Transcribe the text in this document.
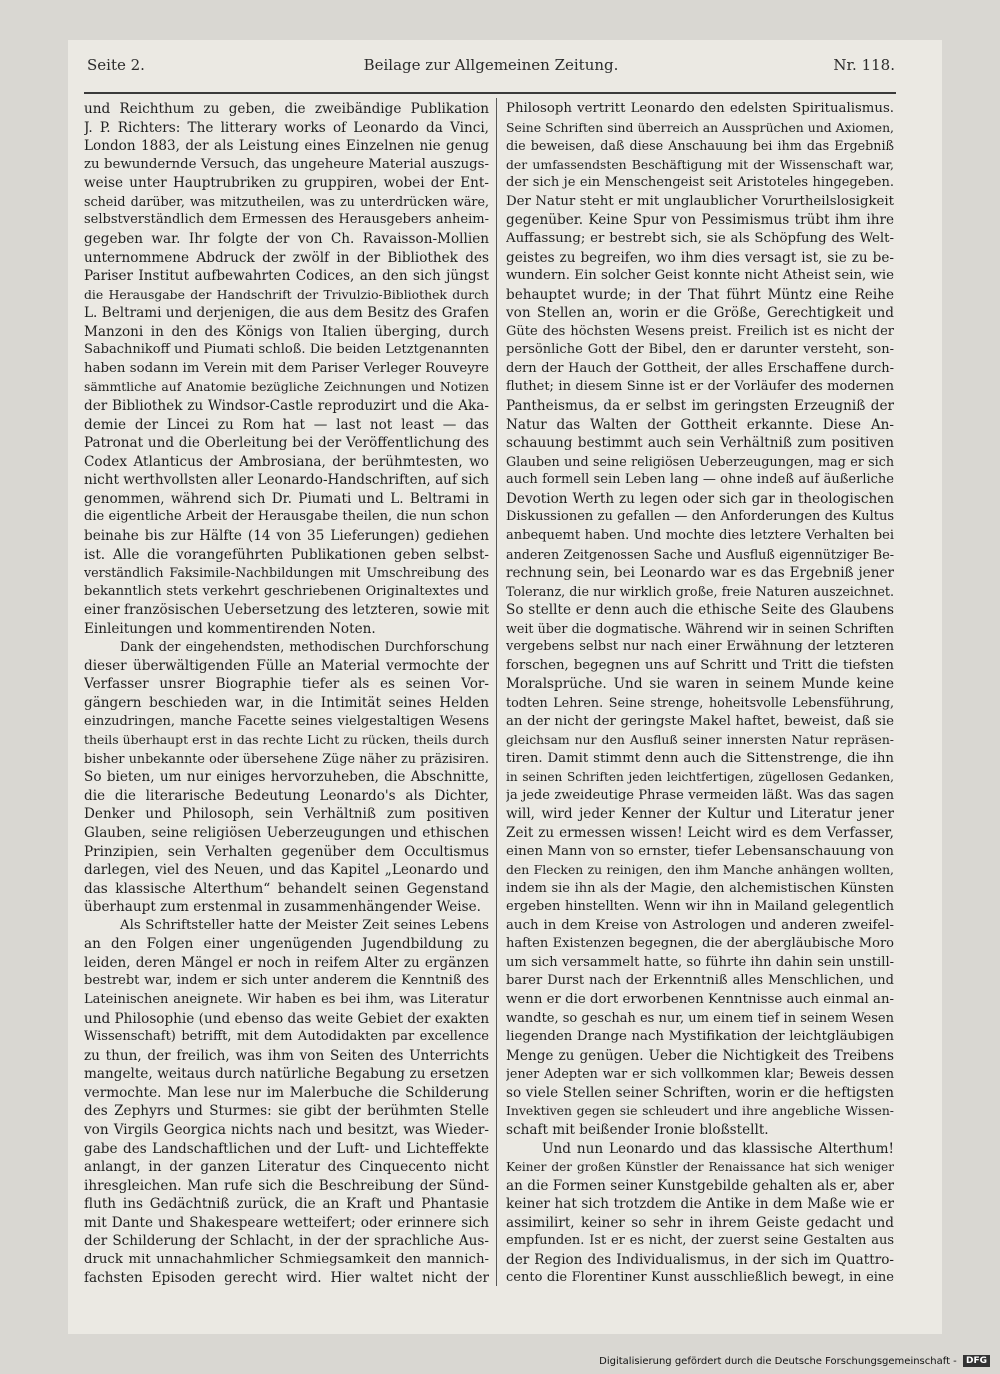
Seite 2.	Beilage zur Allgemeinen Zeitung.	Nr. 118.
und Reichthum zu geben, die zweibändige Publikation
J. P. Richters: The litterary works of Leonardo da Vinci,
London 1883, der als Leistung eines Einzelnen nie genug
zu bewundernde Versuch, das ungeheure Material auszugs-
weise unter Hauptrubriken zu gruppiren, wobei der Ent-
scheid darüber, was mitzutheilen, was zu unterdrücken wäre,
selbstverständlich dem Ermessen des Herausgebers anheim-
gegeben war. Ihr folgte der von Ch. Ravaisson-Mollien
unternommene Abdruck der zwölf in der Bibliothek des
Pariser Institut aufbewahrten Codices, an den sich jüngst
die Herausgabe der Handschrift der Trivulzio-Bibliothek durch
L. Beltrami und derjenigen, die aus dem Besitz des Grafen
Manzoni in den des Königs von Italien überging, durch
Sabachnikoff und Piumati schloß. Die beiden Letztgenannten
haben sodann im Verein mit dem Pariser Verleger Rouveyre
sämmtliche auf Anatomie bezügliche Zeichnungen und Notizen
der Bibliothek zu Windsor-Castle reproduzirt und die Aka-
demie der Lincei zu Rom hat — last not least — das
Patronat und die Oberleitung bei der Veröffentlichung des
Codex Atlanticus der Ambrosiana, der berühmtesten, wo
nicht werthvollsten aller Leonardo-Handschriften, auf sich
genommen, während sich Dr. Piumati und L. Beltrami in
die eigentliche Arbeit der Herausgabe theilen, die nun schon
beinahe bis zur Hälfte (14 von 35 Lieferungen) gediehen
ist. Alle die vorangeführten Publikationen geben selbst-
verständlich Faksimile-Nachbildungen mit Umschreibung des
bekanntlich stets verkehrt geschriebenen Originaltextes und
einer französischen Uebersetzung des letzteren, sowie mit
Einleitungen und kommentirenden Noten.
Dank der eingehendsten, methodischen Durchforschung
dieser überwältigenden Fülle an Material vermochte der
Verfasser unsrer Biographie tiefer als es seinen Vor-
gängern beschieden war, in die Intimität seines Helden
einzudringen, manche Facette seines vielgestaltigen Wesens
theils überhaupt erst in das rechte Licht zu rücken, theils durch
bisher unbekannte oder übersehene Züge näher zu präzisiren.
So bieten, um nur einiges hervorzuheben, die Abschnitte,
die die literarische Bedeutung Leonardo's als Dichter,
Denker und Philosoph, sein Verhältniß zum positiven
Glauben, seine religiösen Ueberzeugungen und ethischen
Prinzipien, sein Verhalten gegenüber dem Occultismus
darlegen, viel des Neuen, und das Kapitel „Leonardo und
das klassische Alterthum“ behandelt seinen Gegenstand
überhaupt zum erstenmal in zusammenhängender Weise.
Als Schriftsteller hatte der Meister Zeit seines Lebens
an den Folgen einer ungenügenden Jugendbildung zu
leiden, deren Mängel er noch in reifem Alter zu ergänzen
bestrebt war, indem er sich unter anderem die Kenntniß des
Lateinischen aneignete. Wir haben es bei ihm, was Literatur
und Philosophie (und ebenso das weite Gebiet der exakten
Wissenschaft) betrifft, mit dem Autodidakten par excellence
zu thun, der freilich, was ihm von Seiten des Unterrichts
mangelte, weitaus durch natürliche Begabung zu ersetzen
vermochte. Man lese nur im Malerbuche die Schilderung
des Zephyrs und Sturmes: sie gibt der berühmten Stelle
von Virgils Georgica nichts nach und besitzt, was Wieder-
gabe des Landschaftlichen und der Luft- und Lichteffekte
anlangt, in der ganzen Literatur des Cinquecento nicht
ihresgleichen. Man rufe sich die Beschreibung der Sünd-
fluth ins Gedächtniß zurück, die an Kraft und Phantasie
mit Dante und Shakespeare wetteifert; oder erinnere sich
der Schilderung der Schlacht, in der der sprachliche Aus-
druck mit unnachahmlicher Schmiegsamkeit den mannich-
fachsten Episoden gerecht wird. Hier waltet nicht der
Philosoph vertritt Leonardo den edelsten Spiritualismus.
Seine Schriften sind überreich an Aussprüchen und Axiomen,
die beweisen, daß diese Anschauung bei ihm das Ergebniß
der umfassendsten Beschäftigung mit der Wissenschaft war,
der sich je ein Menschengeist seit Aristoteles hingegeben.
Der Natur steht er mit unglaublicher Vorurtheilslosigkeit
gegenüber. Keine Spur von Pessimismus trübt ihm ihre
Auffassung; er bestrebt sich, sie als Schöpfung des Welt-
geistes zu begreifen, wo ihm dies versagt ist, sie zu be-
wundern. Ein solcher Geist konnte nicht Atheist sein, wie
behauptet wurde; in der That führt Müntz eine Reihe
von Stellen an, worin er die Größe, Gerechtigkeit und
Güte des höchsten Wesens preist. Freilich ist es nicht der
persönliche Gott der Bibel, den er darunter versteht, son-
dern der Hauch der Gottheit, der alles Erschaffene durch-
fluthet; in diesem Sinne ist er der Vorläufer des modernen
Pantheismus, da er selbst im geringsten Erzeugniß der
Natur das Walten der Gottheit erkannte. Diese An-
schauung bestimmt auch sein Verhältniß zum positiven
Glauben und seine religiösen Ueberzeugungen, mag er sich
auch formell sein Leben lang — ohne indeß auf äußerliche
Devotion Werth zu legen oder sich gar in theologischen
Diskussionen zu gefallen — den Anforderungen des Kultus
anbequemt haben. Und mochte dies letztere Verhalten bei
anderen Zeitgenossen Sache und Ausfluß eigennütziger Be-
rechnung sein, bei Leonardo war es das Ergebniß jener
Toleranz, die nur wirklich große, freie Naturen auszeichnet.
So stellte er denn auch die ethische Seite des Glaubens
weit über die dogmatische. Während wir in seinen Schriften
vergebens selbst nur nach einer Erwähnung der letzteren
forschen, begegnen uns auf Schritt und Tritt die tiefsten
Moralsprüche. Und sie waren in seinem Munde keine
todten Lehren. Seine strenge, hoheitsvolle Lebensführung,
an der nicht der geringste Makel haftet, beweist, daß sie
gleichsam nur den Ausfluß seiner innersten Natur repräsen-
tiren. Damit stimmt denn auch die Sittenstrenge, die ihn
in seinen Schriften jeden leichtfertigen, zügellosen Gedanken,
ja jede zweideutige Phrase vermeiden läßt. Was das sagen
will, wird jeder Kenner der Kultur und Literatur jener
Zeit zu ermessen wissen! Leicht wird es dem Verfasser,
einen Mann von so ernster, tiefer Lebensanschauung von
den Flecken zu reinigen, den ihm Manche anhängen wollten,
indem sie ihn als der Magie, den alchemistischen Künsten
ergeben hinstellten. Wenn wir ihn in Mailand gelegentlich
auch in dem Kreise von Astrologen und anderen zweifel-
haften Existenzen begegnen, die der abergläubische Moro
um sich versammelt hatte, so führte ihn dahin sein unstill-
barer Durst nach der Erkenntniß alles Menschlichen, und
wenn er die dort erworbenen Kenntnisse auch einmal an-
wandte, so geschah es nur, um einem tief in seinem Wesen
liegenden Drange nach Mystifikation der leichtgläubigen
Menge zu genügen. Ueber die Nichtigkeit des Treibens
jener Adepten war er sich vollkommen klar; Beweis dessen
so viele Stellen seiner Schriften, worin er die heftigsten
Invektiven gegen sie schleudert und ihre angebliche Wissen-
schaft mit beißender Ironie bloßstellt.
Und nun Leonardo und das klassische Alterthum!
Keiner der großen Künstler der Renaissance hat sich weniger
an die Formen seiner Kunstgebilde gehalten als er, aber
keiner hat sich trotzdem die Antike in dem Maße wie er
assimilirt, keiner so sehr in ihrem Geiste gedacht und
empfunden. Ist er es nicht, der zuerst seine Gestalten aus
der Region des Individualismus, in der sich im Quattro-
cento die Florentiner Kunst ausschließlich bewegt, in eine
Digitalisierung gefördert durch die Deutsche Forschungsgemeinschaft - DFG
